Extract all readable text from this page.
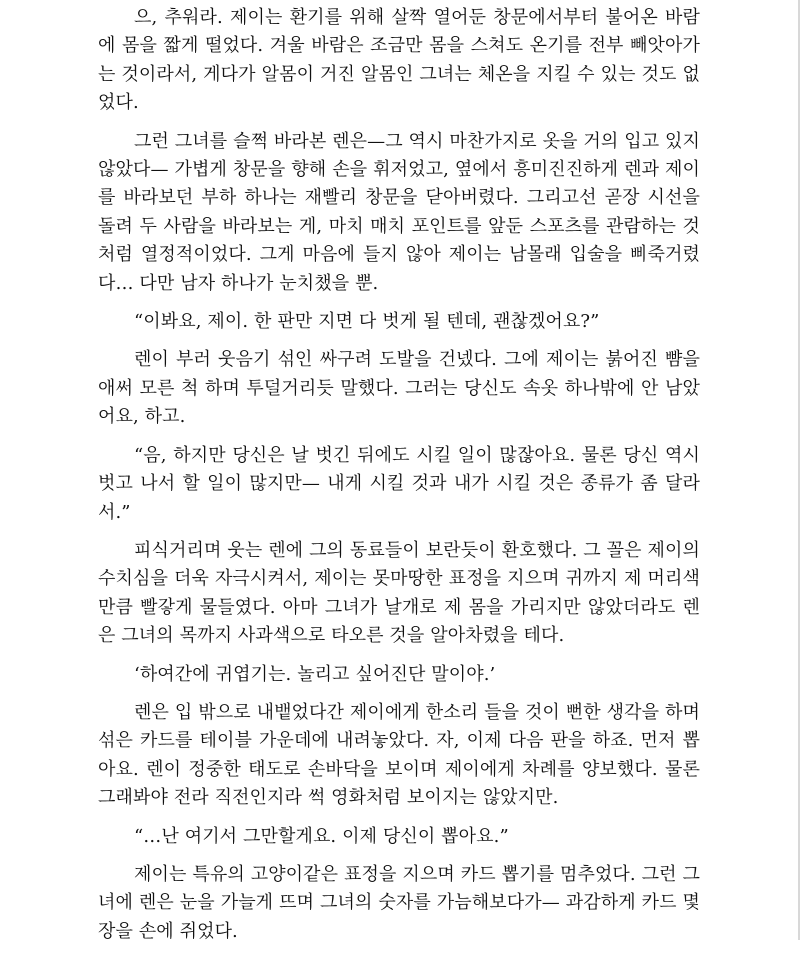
으, 추워라. 제이는 환기를 위해 살짝 열어둔 창문에서부터 불어온 바람에 몸을 짧게 떨었다. 겨울 바람은 조금만 몸을 스쳐도 온기를 전부 빼앗아가는 것이라서, 게다가 알몸이 거진 알몸인 그녀는 체온을 지킬 수 있는 것도 없었다.

그런 그녀를 슬쩍 바라본 렌은—그 역시 마찬가지로 옷을 거의 입고 있지 않았다— 가볍게 창문을 향해 손을 휘저었고, 옆에서 흥미진진하게 렌과 제이를 바라보던 부하 하나는 재빨리 창문을 닫아버렸다. 그리고선 곧장 시선을 돌려 두 사람을 바라보는 게, 마치 매치 포인트를 앞둔 스포츠를 관람하는 것처럼 열정적이었다. 그게 마음에 들지 않아 제이는 남몰래 입술을 삐죽거렸다… 다만 남자 하나가 눈치챘을 뿐.

“이봐요, 제이. 한 판만 지면 다 벗게 될 텐데, 괜찮겠어요?”

렌이 부러 웃음기 섞인 싸구려 도발을 건넸다. 그에 제이는 붉어진 뺨을 애써 모른 척 하며 투덜거리듯 말했다. 그러는 당신도 속옷 하나밖에 안 남았어요, 하고.

“음, 하지만 당신은 날 벗긴 뒤에도 시킬 일이 많잖아요. 물론 당신 역시 벗고 나서 할 일이 많지만— 내게 시킬 것과 내가 시킬 것은 종류가 좀 달라서.”

피식거리며 웃는 렌에 그의 동료들이 보란듯이 환호했다. 그 꼴은 제이의 수치심을 더욱 자극시켜서, 제이는 못마땅한 표정을 지으며 귀까지 제 머리색만큼 빨갛게 물들였다. 아마 그녀가 날개로 제 몸을 가리지만 않았더라도 렌은 그녀의 목까지 사과색으로 타오른 것을 알아차렸을 테다.

‘하여간에 귀엽기는. 놀리고 싶어진단 말이야.’

렌은 입 밖으로 내뱉었다간 제이에게 한소리 들을 것이 뻔한 생각을 하며 섞은 카드를 테이블 가운데에 내려놓았다. 자, 이제 다음 판을 하죠. 먼저 뽑아요. 렌이 정중한 태도로 손바닥을 보이며 제이에게 차례를 양보했다. 물론 그래봐야 전라 직전인지라 썩 영화처럼 보이지는 않았지만.

“…난 여기서 그만할게요. 이제 당신이 뽑아요.”

제이는 특유의 고양이같은 표정을 지으며 카드 뽑기를 멈추었다. 그런 그녀에 렌은 눈을 가늘게 뜨며 그녀의 숫자를 가늠해보다가— 과감하게 카드 몇 장을 손에 쥐었다.
